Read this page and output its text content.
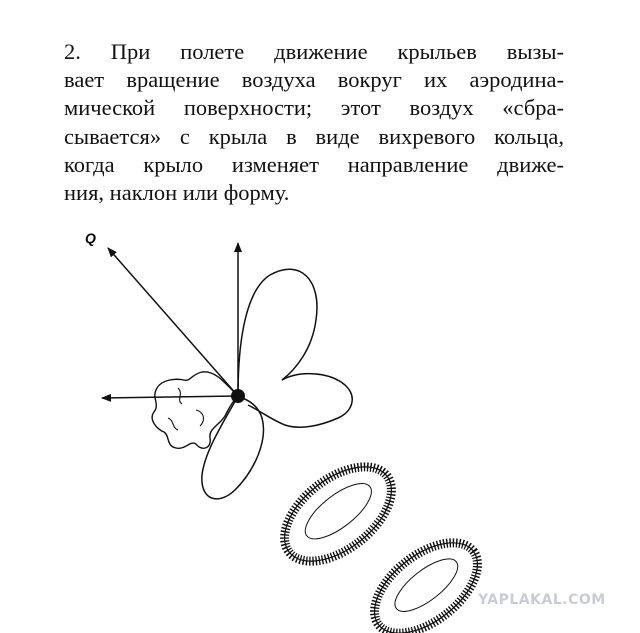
2. При полете движение крыльев вызы-
вает вращение воздуха вокруг их аэродина-
мической поверхности; этот воздух «сбра-
сывается» с крыла в виде вихревого кольца,
когда крыло изменяет направление движе-
ния, наклон или форму.
Q
YAPLAKAL.COM
